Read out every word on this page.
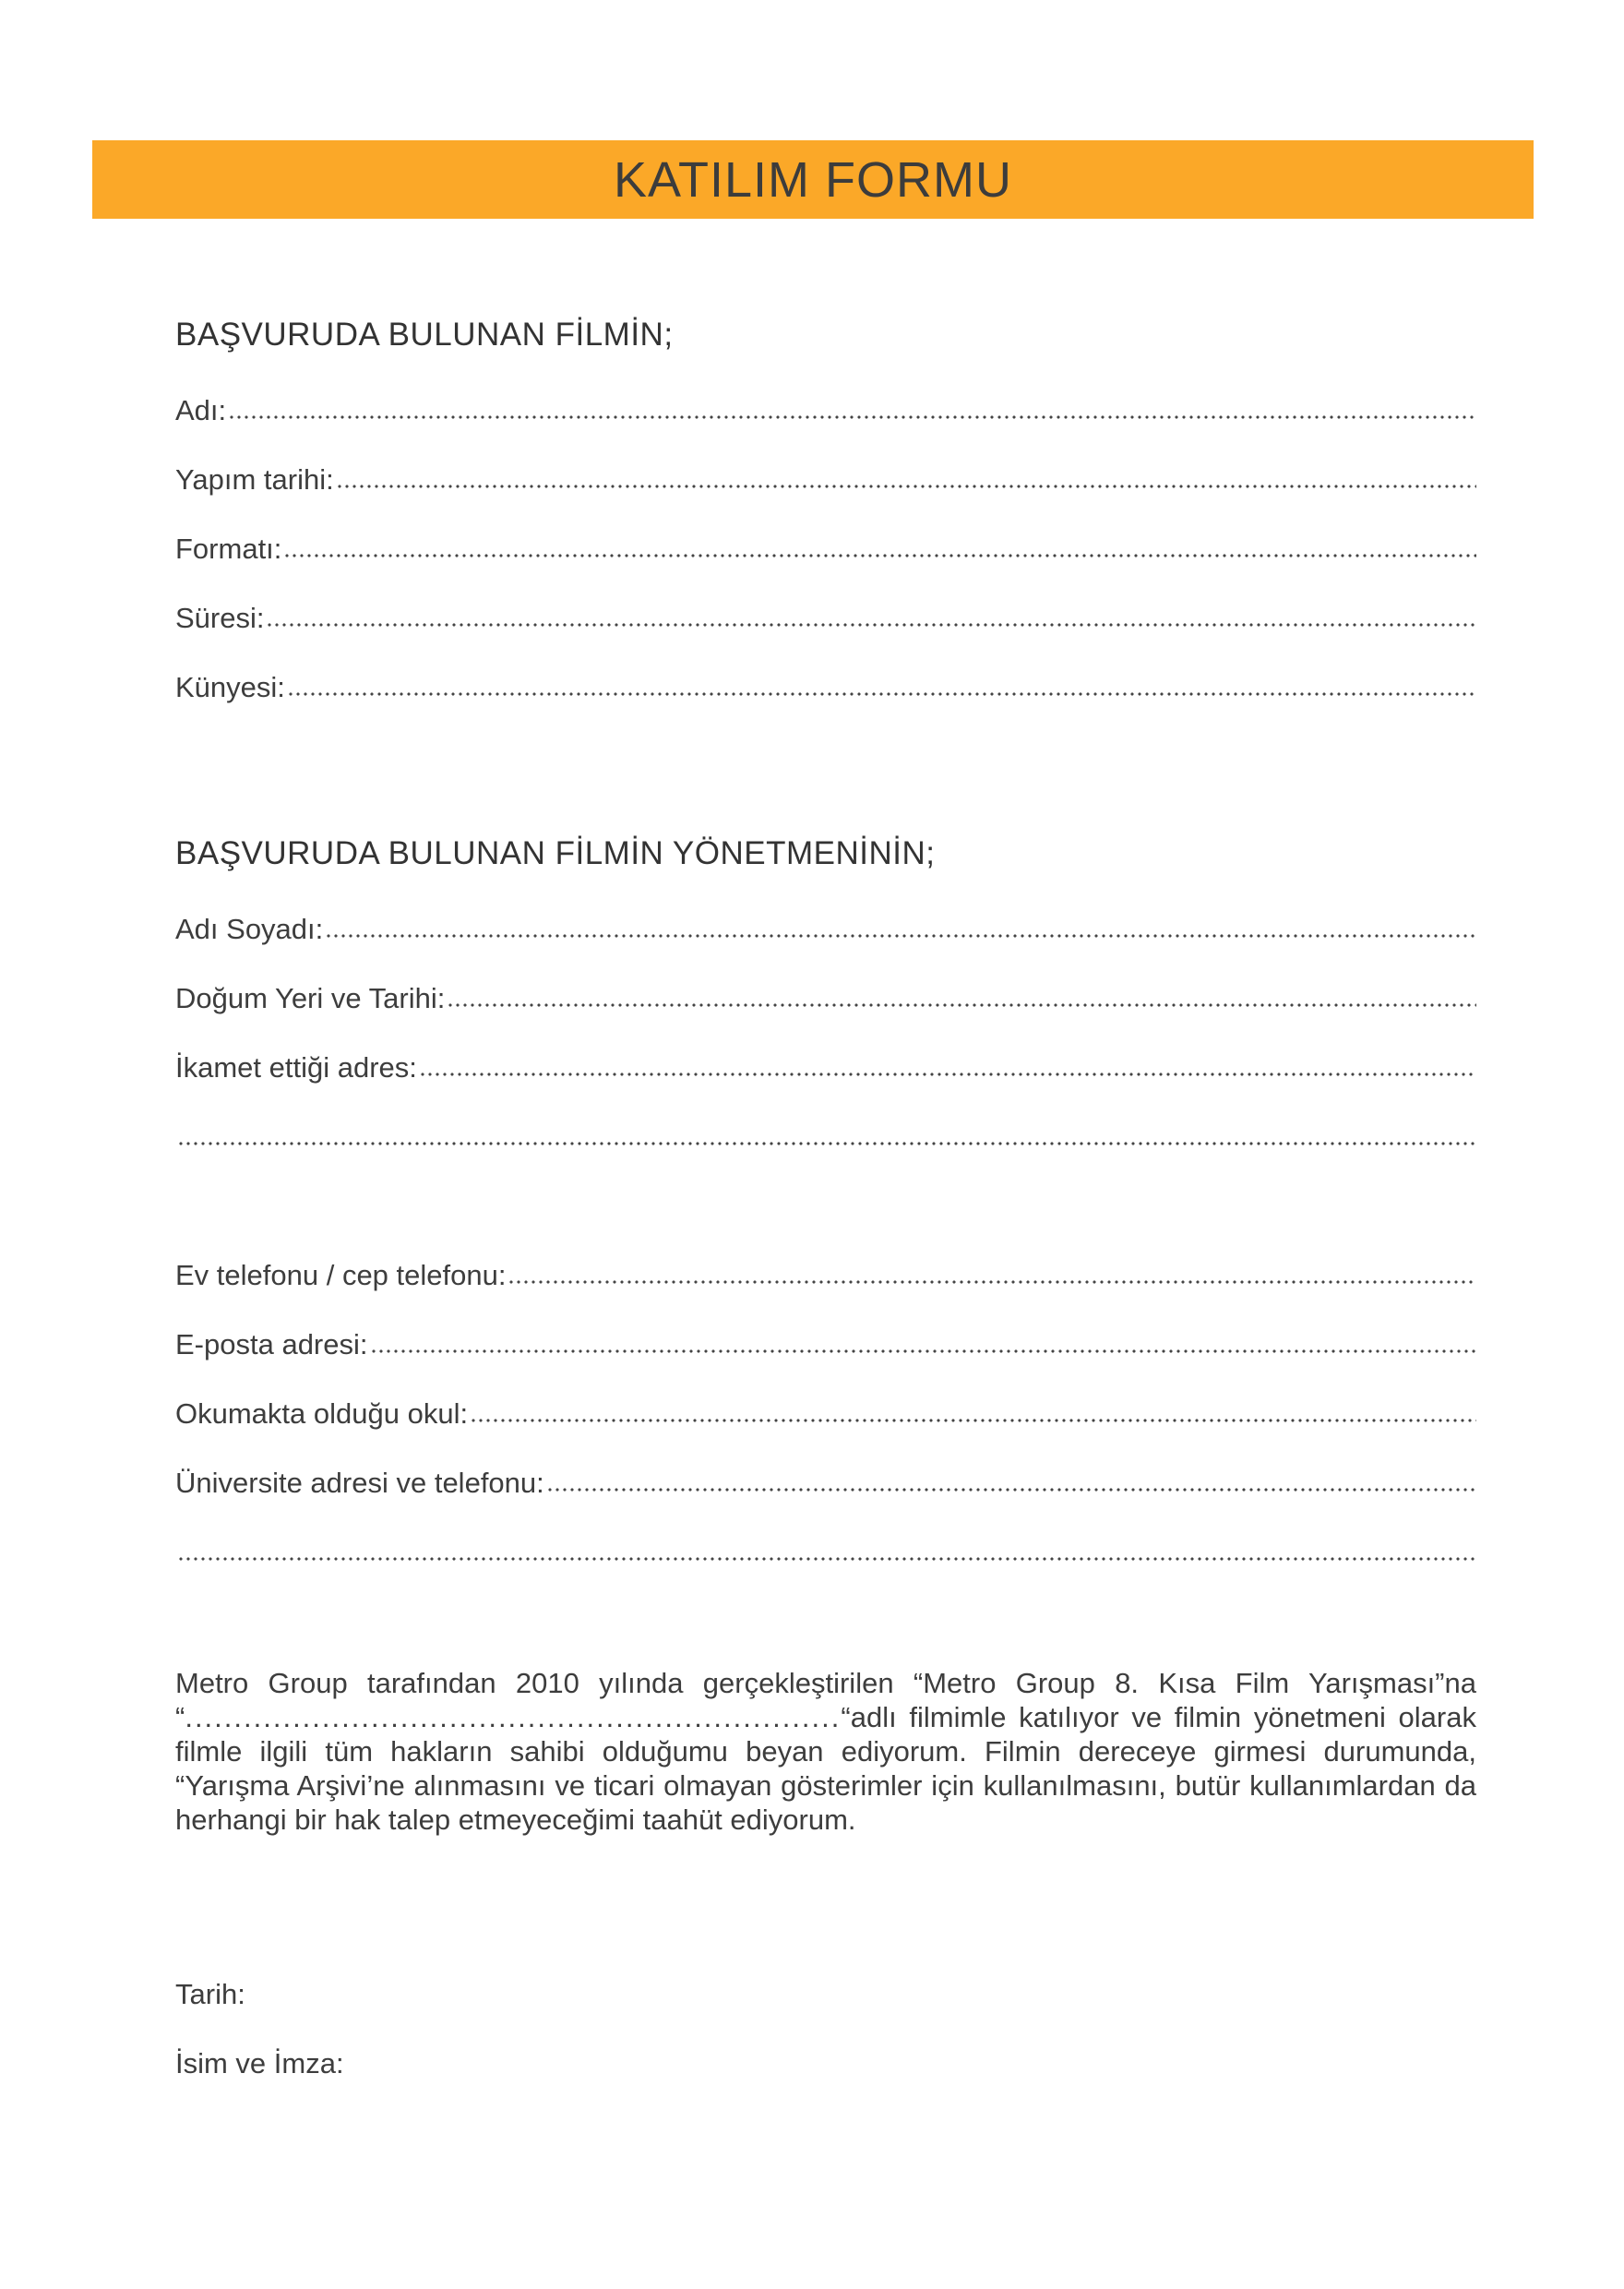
KATILIM FORMU
BAŞVURUDA BULUNAN FİLMİN;
Adı:
Yapım tarihi:
Formatı:
Süresi:
Künyesi:
BAŞVURUDA BULUNAN FİLMİN YÖNETMENİNİN;
Adı Soyadı:
Doğum Yeri ve Tarihi:
İkamet ettiği adres:
Ev telefonu / cep telefonu:
E-posta adresi:
Okumakta olduğu okul:
Üniversite adresi ve telefonu:

Metro Group tarafından 2010 yılında gerçekleştirilen “Metro Group 8. Kısa Film Yarışması”na “...................................................................“adlı filmimle katılıyor ve filmin yönetmeni olarak filmle ilgili tüm hakların sahibi olduğumu beyan ediyorum. Filmin dereceye girmesi durumunda, “Yarışma Arşivi’ne alınmasını ve ticari olmayan gösterimler için kullanılmasını, butür kullanımlardan da herhangi bir hak talep etmeyeceğimi taahüt ediyorum.

Tarih:
İsim ve İmza:
